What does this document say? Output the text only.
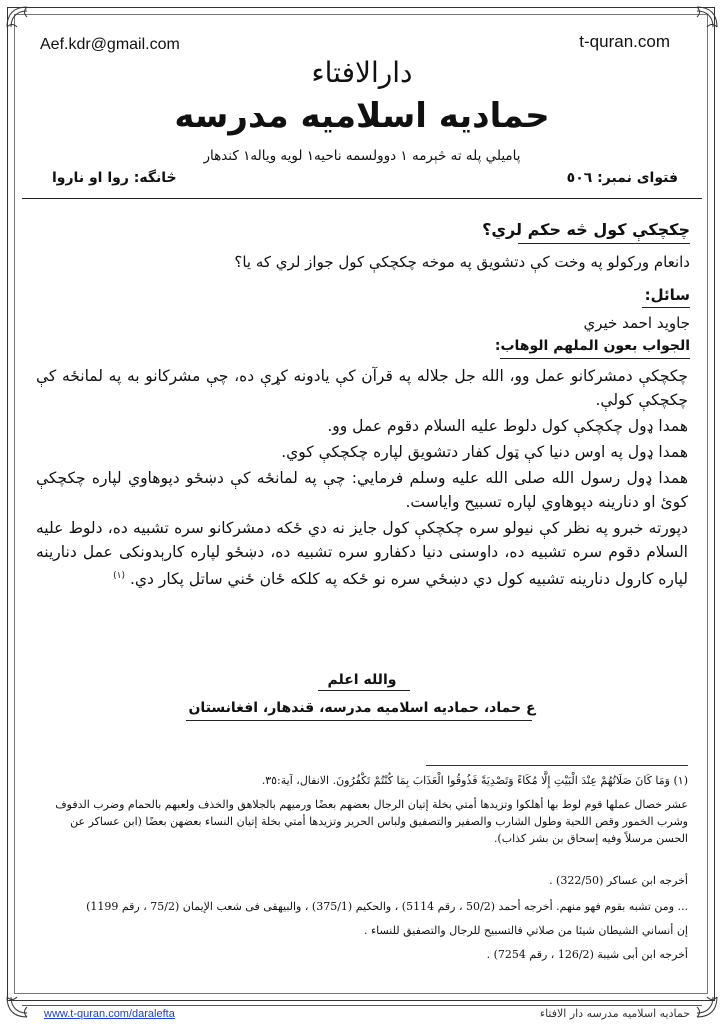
Aef.kdr@gmail.com	t-quran.com
دارالافتاء
حمادیه اسلامیه مدرسه
پامیلي پله ته څېرمه ١ دوولسمه ناحیه١ لویه ویاله١ کندهار
فتوای نمبر: ٥٠٦
څانگه: روا او ناروا
چکچکې کول څه حکم لري؟
دانعام ورکولو په وخت کې دتشویق په موخه چکچکې کول جواز لري که یا؟
سائل:
جاوید احمد خیري
الجواب بعون الملهم الوهاب:
چکچکې دمشرکانو عمل وو، الله جل جلاله په قرآن کې یادونه کړې ده، چې مشرکانو به په لمانځه کې چکچکې کولې.
همدا ډول چکچکې کول دلوط علیه السلام دقوم عمل وو.
همدا ډول په اوس دنیا کې ټول کفار دتشویق لپاره چکچکې کوي.
همدا ډول رسول الله صلی الله علیه وسلم فرمایي: چې په لمانځه کې دښځو دپوهاوي لپاره چکچکې کوئ او دنارینه دپوهاوي لپاره تسبیح وایاست.
دپورته خبرو په نظر کې نیولو سره چکچکې کول جایز نه دي ځکه دمشرکانو سره تشبیه ده، دلوط علیه السلام دقوم سره تشبیه ده، داوسنی دنیا دکفارو سره تشبیه ده، دښځو لپاره کارېدونکی عمل دنارینه لپاره کارول دنارینه تشبیه کول دي دښځي سره نو ځکه په کلکه ځان ځني ساتل پکار دي. $^{(١)}$
والله اعلم
ع حماد، حمادیه اسلامیه مدرسه، قندهار، افغانستان
(١) وَمَا كَانَ صَلَاتُهُمْ عِنْدَ الْبَيْتِ إِلَّا مُكَاءً وَتَصْدِيَةً فَذُوقُوا الْعَذَابَ بِمَا كُنْتُمْ تَكْفُرُونَ. الانفال، آیة:٣٥.
عشر خصال عملها قوم لوط بها أهلكوا وتزيدها أمتي بخلة إتيان الرجال بعضهم بعضًا ورميهم بالجلاهق والخذف ولعبهم بالحمام وضرب الدفوف وشرب الخمور وقص اللحية وطول الشارب والصفير والتصفيق ولباس الحرير وتزيدها أمتي بخلة إتيان النساء بعضهن بعضًا (ابن عساكر عن الحسن مرسلاً وفيه إسحاق بن بشر كذاب).
أخرجه ابن عساكر (322/50) .
... ومن تشبه بقوم فهو منهم. أخرجه أحمد (50/2 ، رقم 5114) ، والحكيم (375/1) ، والبيهقى فى شعب الإيمان (75/2 ، رقم 1199)
إن أنساني الشيطان شيئا من صلاتي فالتسبيح للرجال والتصفيق للنساء .
أخرجه ابن أبى شيبة (126/2 ، رقم 7254) .
www.t-quran.com/daralefta	حمادیه اسلامیه مدرسه دار الافتاء
